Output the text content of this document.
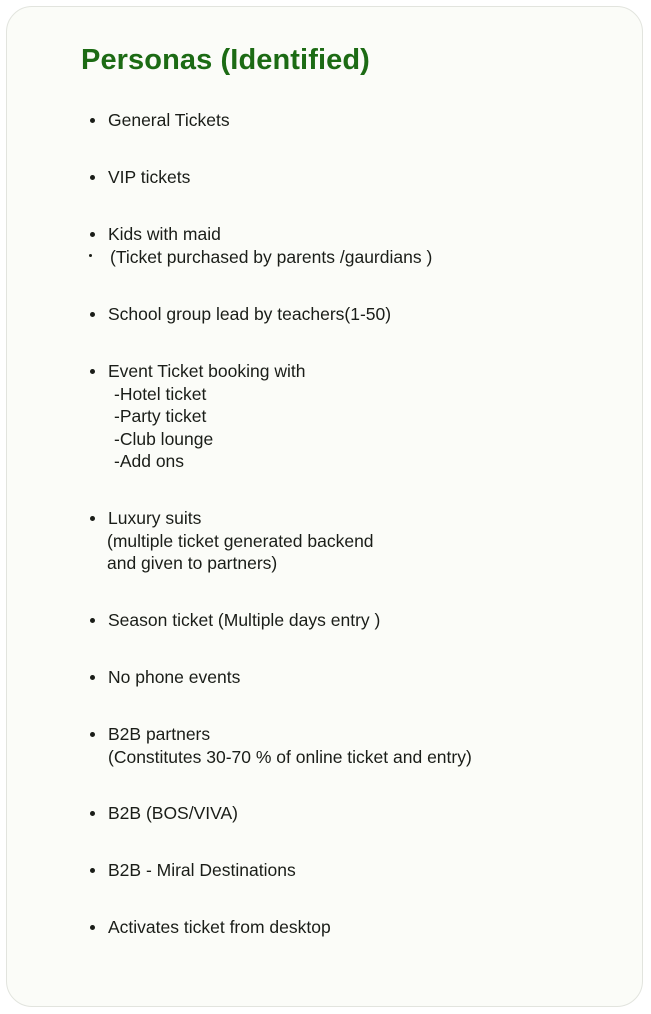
Personas (Identified)
General Tickets
VIP tickets
Kids with maid
(Ticket purchased by parents /gaurdians )
School group lead by teachers(1-50)
Event Ticket booking with
-Hotel ticket
-Party ticket
-Club lounge
-Add ons
Luxury suits
(multiple ticket generated backend
and given to partners)
Season ticket (Multiple days entry )
No phone events
B2B partners
(Constitutes 30-70 % of online ticket and entry)
B2B (BOS/VIVA)
B2B - Miral Destinations
Activates ticket from desktop
